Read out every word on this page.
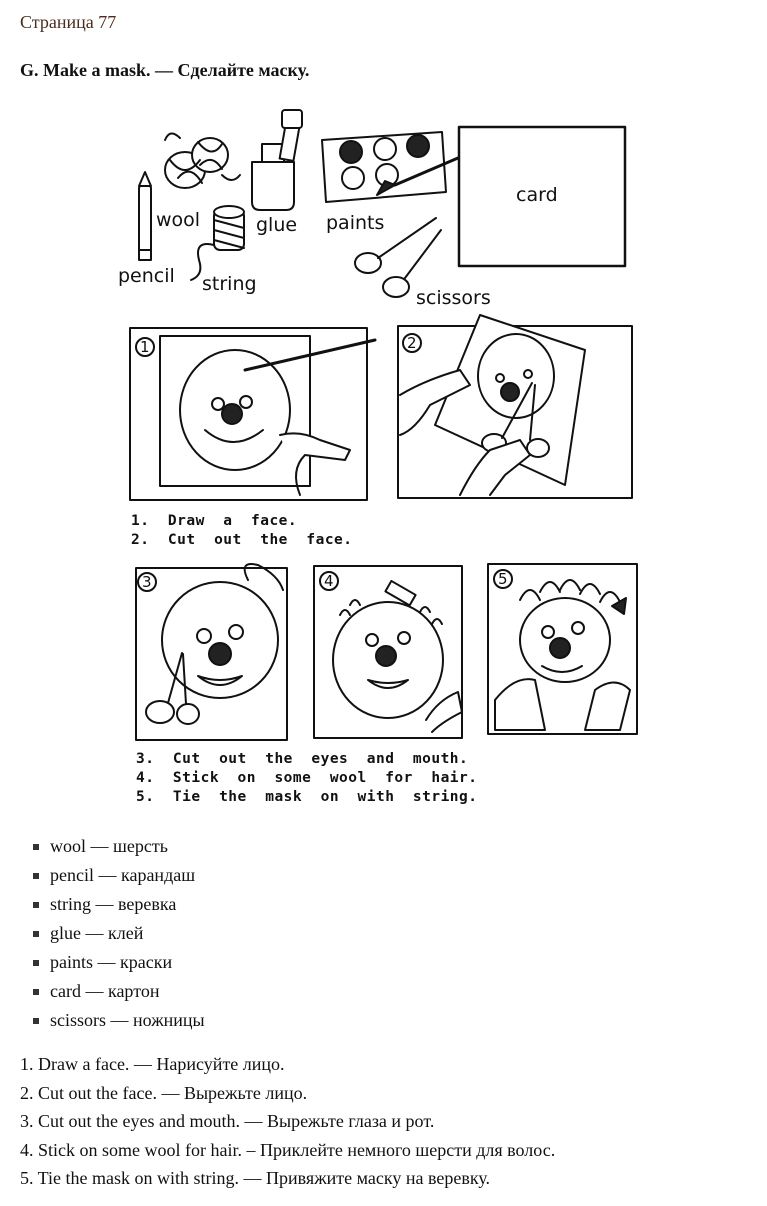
Страница 77
G. Make a mask. — Сделайте маску.
pencil
wool
string
glue paints
card
scissors
1	2
1.  Draw  a  face.
2.  Cut  out  the  face.
3	4	5
3.  Cut  out  the  eyes  and  mouth.
4.  Stick  on  some  wool  for  hair.
5.  Tie  the  mask  on  with  string.
wool — шерсть
pencil — карандаш
string — веревка
glue — клей
paints — краски
card — картон
scissors — ножницы
1. Draw a face. — Нарисуйте лицо.
2. Cut out the face. — Вырежьте лицо.
3. Cut out the eyes and mouth. — Вырежьте глаза и рот.
4. Stick on some wool for hair. – Приклейте немного шерсти для волос.
5. Tie the mask on with string. — Привяжите маску на веревку.
